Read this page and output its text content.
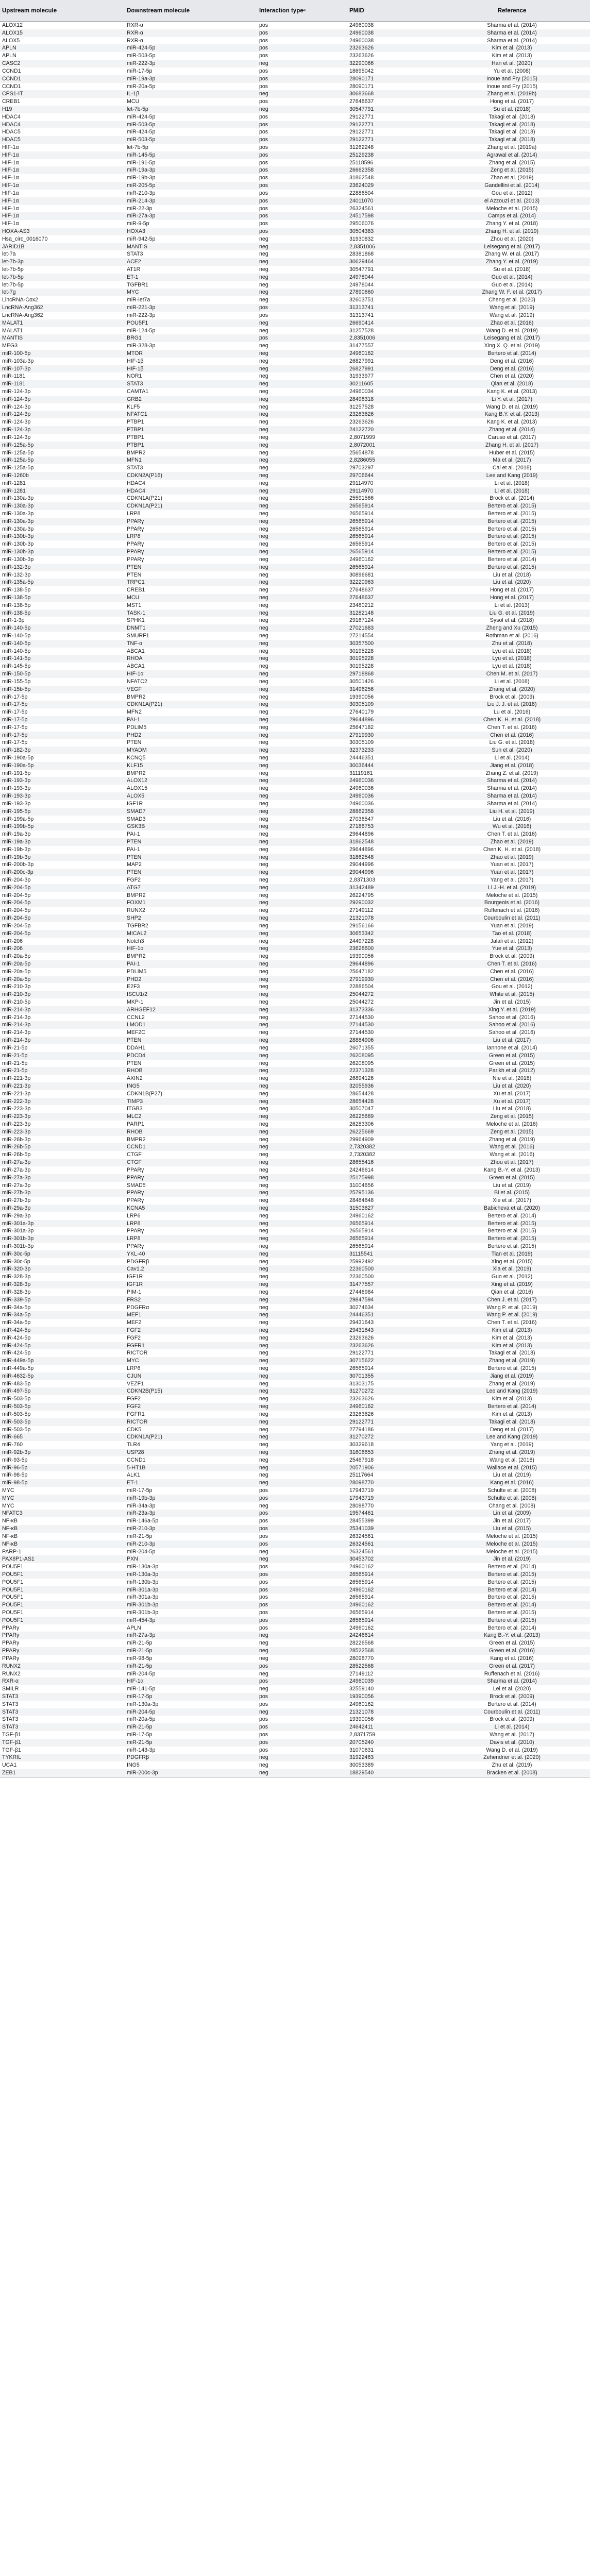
Upstream molecule	Downstream molecule	Interaction typeᵃ	PMID	Reference
ALOX12	RXR-α	pos	24960038	Sharma et al. (2014)
ALOX15	RXR-α	pos	24960038	Sharma et al. (2014)
ALOX5	RXR-α	pos	24960038	Sharma et al. (2014)
APLN	miR-424-5p	pos	23263626	Kim et al. (2013)
APLN	miR-503-5p	pos	23263626	Kim et al. (2013)
CASC2	miR-222-3p	neg	32290066	Han et al. (2020)
CCND1	miR-17-5p	pos	18695042	Yu et al. (2008)
CCND1	miR-19a-3p	pos	28090171	Inoue and Fry (2015)
CCND1	miR-20a-5p	pos	28090171	Inoue and Fry (2015)
CPS1-IT	IL-1β	neg	30683668	Zhang et al. (2019b)
CREB1	MCU	pos	27648637	Hong et al. (2017)
H19	let-7b-5p	neg	30547791	Su et al. (2018)
HDAC4	miR-424-5p	pos	29122771	Takagi et al. (2018)
HDAC4	miR-503-5p	pos	29122771	Takagi et al. (2018)
HDAC5	miR-424-5p	pos	29122771	Takagi et al. (2018)
HDAC5	miR-503-5p	pos	29122771	Takagi et al. (2018)
HIF-1α	let-7b-5p	pos	31262248	Zhang et al. (2019a)
HIF-1α	miR-145-5p	pos	25129238	Agrawal et al. (2014)
HIF-1α	miR-191-5p	pos	25118596	Zhang et al. (2015)
HIF-1α	miR-19a-3p	pos	26662358	Zeng et al. (2015)
HIF-1α	miR-19b-3p	pos	31862548	Zhao et al. (2019)
HIF-1α	miR-205-5p	pos	23624029	Gandellini et al. (2014)
HIF-1α	miR-210-3p	pos	22886504	Gou et al. (2012)
HIF-1α	miR-214-3p	pos	24011070	el Azzouzi et al. (2013)
HIF-1α	miR-22-3p	pos	26324561	Meloche et al. (2015)
HIF-1α	miR-27a-3p	pos	24517598	Camps et al. (2014)
HIF-1α	miR-9-5p	pos	29506076	Zhang Y. et al. (2018)
HOXA-AS3	HOXA3	pos	30504383	Zhang H. et al. (2019)
Hsa_circ_0016070	miR-942-5p	neg	31930832	Zhou et al. (2020)
JARID1B	MANTIS	neg	2,8351006	Leisegang et al. (2017)
let-7a	STAT3	neg	28381868	Zhang W. et al. (2017)
let-7b-3p	ACE2	neg	30629464	Zhang Y. et al. (2019)
let-7b-5p	AT1R	neg	30547791	Su et al. (2018)
let-7b-5p	ET-1	neg	24978044	Guo et al. (2014)
let-7b-5p	TGFBR1	neg	24978044	Guo et al. (2014)
let-7g	MYC	neg	27890660	Zhang W. F. et al. (2017)
LincRNA-Cox2	miR-let7a	neg	32603751	Cheng et al. (2020)
LncRNA-Ang362	miR-221-3p	pos	31313741	Wang et al. (2019)
LncRNA-Ang362	miR-222-3p	pos	31313741	Wang et al. (2019)
MALAT1	POU5F1	neg	26690414	Zhao et al. (2016)
MALAT1	miR-124-5p	neg	31257528	Wang D. et al. (2019)
MANTIS	BRG1	pos	2,8351006	Leisegang et al. (2017)
MEG3	miR-328-3p	neg	31477557	Xing X. Q. et al. (2019)
miR-100-5p	MTOR	neg	24960162	Bertero et al. (2014)
miR-103a-3p	HIF-1β	neg	26827991	Deng et al. (2016)
miR-107-3p	HIF-1β	neg	26827991	Deng et al. (2016)
miR-1181	NOR1	neg	31933977	Chen et al. (2020)
miR-1181	STAT3	neg	30211605	Qian et al. (2018)
miR-124-3p	CAMTA1	neg	24960034	Kang K. et al. (2013)
miR-124-3p	GRB2	neg	28496318	Li Y. et al. (2017)
miR-124-3p	KLF5	neg	31257528	Wang D. et al. (2019)
miR-124-3p	NFATC1	neg	23263626	Kang B.Y. et al. (2013)
miR-124-3p	PTBP1	neg	23263626	Kang K. et al. (2013)
miR-124-3p	PTBP1	neg	24122720	Zhang et al. (2014)
miR-124-3p	PTBP1	neg	2,8071999	Caruso et al. (2017)
miR-125a-5p	PTBP1	neg	2,8072001	Zhang H. et al. (2017)
miR-125a-5p	BMPR2	neg	25654878	Huber et al. (2015)
miR-125a-5p	MFN1	neg	2,8286055	Ma et al. (2017)
miR-125a-5p	STAT3	neg	29703297	Cai et al. (2018)
miR-1260b	CDKN2A(P16)	neg	29706644	Lee and Kang (2019)
miR-1281	HDAC4	neg	29114970	Li et al. (2018)
miR-1281	HDAC4	neg	29114970	Li et al. (2018)
miR-130a-3p	CDKN1A(P21)	neg	25591566	Brock et al. (2014)
miR-130a-3p	CDKN1A(P21)	neg	26565914	Bertero et al. (2015)
miR-130a-3p	LRP8	neg	26565914	Bertero et al. (2015)
miR-130a-3p	PPARγ	neg	26565914	Bertero et al. (2015)
miR-130a-3p	PPARγ	neg	26565914	Bertero et al. (2015)
miR-130b-3p	LRP8	neg	26565914	Bertero et al. (2015)
miR-130b-3p	PPARγ	neg	26565914	Bertero et al. (2015)
miR-130b-3p	PPARγ	neg	26565914	Bertero et al. (2015)
miR-130b-3p	PPARγ	neg	24960162	Bertero et al. (2014)
miR-132-3p	PTEN	neg	26565914	Bertero et al. (2015)
miR-132-3p	PTEN	neg	30896681	Liu et al. (2018)
miR-135a-5p	TRPC1	neg	32220963	Liu et al. (2020)
miR-138-5p	CREB1	neg	27648637	Hong et al. (2017)
miR-138-5p	MCU	neg	27648637	Hong et al. (2017)
miR-138-5p	MST1	neg	23480212	Li et al. (2013)
miR-138-5p	TASK-1	neg	31282148	Liu G. et al. (2019)
miR-1-3p	SPHK1	neg	29167124	Sysol et al. (2018)
miR-140-5p	DNMT1	neg	27021683	Zheng and Xu (2015)
miR-140-5p	SMURF1	neg	27214554	Rothman et al. (2016)
miR-140-5p	TNF-α	neg	30357500	Zhu et al. (2018)
miR-140-5p	ABCA1	neg	30195228	Lyu et al. (2018)
miR-141-5p	RHOA	neg	30195228	Lyu et al. (2018)
miR-145-5p	ABCA1	neg	30195228	Lyu et al. (2018)
miR-150-5p	HIF-1α	neg	29718868	Chen M. et al. (2017)
miR-155-5p	NFATC2	neg	30501426	Li et al. (2018)
miR-15b-5p	VEGF	neg	31496256	Zhang et al. (2020)
miR-17-5p	BMPR2	neg	19390056	Brock et al. (2009)
miR-17-5p	CDKN1A(P21)	neg	30305109	Liu J. J. et al. (2018)
miR-17-5p	MFN2	neg	27640179	Lu et al. (2016)
miR-17-5p	PAI-1	neg	29644896	Chen K. H. et al. (2018)
miR-17-5p	PDLIM5	neg	25647182	Chen T. et al. (2016)
miR-17-5p	PHD2	neg	27919930	Chen et al. (2016)
miR-17-5p	PTEN	neg	30305109	Liu G. et al. (2018)
miR-182-3p	MYADM	neg	32373233	Sun et al. (2020)
miR-190a-5p	KCNQ5	neg	24446351	Li et al. (2014)
miR-190a-5p	KLF15	neg	30036444	Jiang et al. (2018)
miR-191-5p	BMPR2	neg	31119161	Zhang Z. et al. (2019)
miR-193-3p	ALOX12	neg	24960036	Sharma et al. (2014)
miR-193-3p	ALOX15	neg	24960036	Sharma et al. (2014)
miR-193-3p	ALOX5	neg	24960036	Sharma et al. (2014)
miR-193-3p	IGF1R	neg	24960036	Sharma et al. (2014)
miR-195-5p	SMAD7	neg	28862358	Liu H. et al. (2019)
miR-199a-5p	SMAD3	neg	27036547	Liu et al. (2016)
miR-199b-5p	GSK3B	neg	27186753	Wu et al. (2016)
miR-19a-3p	PAI-1	neg	29644896	Chen T. et al. (2016)
miR-19a-3p	PTEN	neg	31862548	Zhao et al. (2019)
miR-19b-3p	PAI-1	neg	29644896	Chen K. H. et al. (2018)
miR-19b-3p	PTEN	neg	31862548	Zhao et al. (2019)
miR-200b-3p	MAP2	neg	29044996	Yuan et al. (2017)
miR-200c-3p	PTEN	neg	29044996	Yuan et al. (2017)
miR-204-3p	FGF2	neg	2,8371303	Yang et al. (2017)
miR-204-5p	ATG7	neg	31342489	Li J.-H. et al. (2019)
miR-204-5p	BMPR2	neg	26224795	Meloche et al. (2015)
miR-204-5p	FOXM1	neg	29290032	Bourgeois et al. (2016)
miR-204-5p	RUNX2	neg	27149112	Ruffenach et al. (2016)
miR-204-5p	SHP2	neg	21321078	Courboulin et al. (2011)
miR-204-5p	TGFBR2	neg	29156166	Yuan et al. (2019)
miR-204-5p	MICAL2	neg	30653342	Tao et al. (2018)
miR-206	Notch3	neg	24497228	Jalali et al. (2012)
miR-206	HIF-1α	neg	23628600	Yue et al. (2013)
miR-20a-5p	BMPR2	neg	19390056	Brock et al. (2009)
miR-20a-5p	PAI-1	neg	29644896	Chen T. et al. (2016)
miR-20a-5p	PDLIM5	neg	25647182	Chen et al. (2016)
miR-20a-5p	PHD2	neg	27919930	Chen et al. (2016)
miR-210-3p	E2F3	neg	22886504	Gou et al. (2012)
miR-210-3p	ISCU1/2	neg	25044272	White et al. (2015)
miR-210-5p	MKP-1	neg	25044272	Jin et al. (2015)
miR-214-3p	ARHGEF12	neg	31373336	Xing Y. et al. (2019)
miR-214-3p	CCNL2	neg	27144530	Sahoo et al. (2016)
miR-214-3p	LMOD1	neg	27144530	Sahoo et al. (2016)
miR-214-3p	MEF2C	neg	27144530	Sahoo et al. (2016)
miR-214-3p	PTEN	neg	28884906	Liu et al. (2017)
miR-21-5p	DDAH1	neg	26071355	Iannone et al. (2014)
miR-21-5p	PDCD4	neg	26208095	Green et al. (2015)
miR-21-5p	PTEN	neg	26208095	Green et al. (2015)
miR-21-5p	RHOB	neg	22371328	Parikh et al. (2012)
miR-221-3p	AXIN2	neg	26894126	Nie et al. (2018)
miR-221-3p	ING5	neg	32055936	Liu et al. (2020)
miR-221-3p	CDKN1B(P27)	neg	28654428	Xu et al. (2017)
miR-222-3p	TIMP3	neg	28654428	Xu et al. (2017)
miR-223-3p	ITGB3	neg	30507047	Liu et al. (2018)
miR-223-3p	MLC2	neg	26225669	Zeng et al. (2015)
miR-223-3p	PARP1	neg	26283306	Meloche et al. (2016)
miR-223-3p	RHOB	neg	26225669	Zeng et al. (2015)
miR-26b-3p	BMPR2	neg	29964909	Zhang et al. (2019)
miR-26b-5p	CCND1	neg	2,7320382	Wang et al. (2016)
miR-26b-5p	CTGF	neg	2,7320382	Wang et al. (2016)
miR-27a-3p	CTGF	neg	28655416	Zhou et al. (2017)
miR-27a-3p	PPARγ	neg	24246614	Kang B.-Y. et al. (2013)
miR-27a-3p	PPARγ	neg	25175998	Green et al. (2015)
miR-27a-3p	SMAD5	neg	31004656	Liu et al. (2019)
miR-27b-3p	PPARγ	neg	25795136	Bi et al. (2015)
miR-27b-3p	PPARγ	neg	28484848	Xie et al. (2017)
miR-29a-3p	KCNA5	neg	31503627	Babicheva et al. (2020)
miR-29a-3p	LRP6	neg	24960162	Bertero et al. (2014)
miR-301a-3p	LRP8	neg	26565914	Bertero et al. (2015)
miR-301a-3p	PPARγ	neg	26565914	Bertero et al. (2015)
miR-301b-3p	LRP8	neg	26565914	Bertero et al. (2015)
miR-301b-3p	PPARγ	neg	26565914	Bertero et al. (2015)
miR-30c-5p	YKL-40	neg	31115541	Tian et al. (2019)
miR-30c-5p	PDGFRβ	neg	25992492	Xing et al. (2015)
miR-320-3p	Cav1.2	neg	22360500	Xia et al. (2019)
miR-328-3p	IGF1R	neg	22360500	Guo et al. (2012)
miR-328-3p	IGF1R	neg	31477557	Xing et al. (2019)
miR-328-3p	PIM-1	neg	27446984	Qian et al. (2016)
miR-339-5p	FRS2	neg	29847594	Chen J. et al. (2017)
miR-34a-5p	PDGFRα	neg	30274634	Wang P. et al. (2019)
miR-34a-5p	MEF1	neg	24446351	Wang P. et al. (2019)
miR-34a-5p	MEF2	neg	29431643	Chen T. et al. (2016)
miR-424-5p	FGF2	neg	29431643	Kim et al. (2013)
miR-424-5p	FGF2	neg	23263626	Kim et al. (2013)
miR-424-5p	FGFR1	neg	23263626	Kim et al. (2013)
miR-424-5p	RICTOR	neg	29122771	Takagi et al. (2018)
miR-449a-5p	MYC	neg	30715622	Zhang et al. (2019)
miR-449a-5p	LRP6	neg	26565914	Bertero et al. (2015)
miR-4632-5p	CJUN	neg	30701355	Jiang et al. (2019)
miR-483-5p	VEZF1	neg	31303175	Zhang et al. (2019)
miR-497-5p	CDKN2B(P15)	neg	31270272	Lee and Kang (2019)
miR-503-5p	FGF2	neg	23263626	Kim et al. (2013)
miR-503-5p	FGF2	neg	24960162	Bertero et al. (2014)
miR-503-5p	FGFR1	neg	23263626	Kim et al. (2013)
miR-503-5p	RICTOR	neg	29122771	Takagi et al. (2018)
miR-503-5p	CDK5	neg	27794186	Deng et al. (2017)
miR-665	CDKN1A(P21)	neg	31270272	Lee and Kang (2019)
miR-760	TLR4	neg	30329618	Yang et al. (2019)
miR-92b-3p	USP28	neg	31606653	Zhang et al. (2019)
miR-93-5p	CCND1	neg	25467918	Wang et al. (2018)
miR-96-5p	5-HT1B	neg	20571906	Wallace et al. (2015)
miR-98-5p	ALK1	neg	25117664	Liu et al. (2019)
miR-98-5p	ET-1	neg	28098770	Kang et al. (2016)
MYC	miR-17-5p	pos	17943719	Schulte et al. (2008)
MYC	miR-19b-3p	pos	17943719	Schulte et al. (2008)
MYC	miR-34a-3p	neg	28098770	Chang et al. (2008)
NFATC3	miR-23a-3p	pos	19574461	Lin et al. (2009)
NF-κB	miR-146a-5p	pos	28455399	Jin et al. (2017)
NF-κB	miR-210-3p	pos	25341039	Liu et al. (2015)
NF-κB	miR-21-5p	pos	26324561	Meloche et al. (2015)
NF-κB	miR-210-3p	pos	26324561	Meloche et al. (2015)
PARP-1	miR-204-5p	neg	26324561	Meloche et al. (2015)
PAX8P1-AS1	PXN	neg	30453702	Jin et al. (2019)
POU5F1	miR-130a-3p	pos	24960162	Bertero et al. (2014)
POU5F1	miR-130a-3p	pos	26565914	Bertero et al. (2015)
POU5F1	miR-130b-3p	pos	26565914	Bertero et al. (2015)
POU5F1	miR-301a-3p	pos	24960162	Bertero et al. (2014)
POU5F1	miR-301a-3p	pos	26565914	Bertero et al. (2015)
POU5F1	miR-301b-3p	pos	24960162	Bertero et al. (2014)
POU5F1	miR-301b-3p	pos	26565914	Bertero et al. (2015)
POU5F1	miR-454-3p	pos	26565914	Bertero et al. (2015)
PPARγ	APLN	pos	24960162	Bertero et al. (2014)
PPARγ	miR-27a-3p	neg	24246614	Kang B.-Y. et al. (2013)
PPARγ	miR-21-5p	neg	28226568	Green et al. (2015)
PPARγ	miR-21-5p	neg	28522568	Green et al. (2016)
PPARγ	miR-98-5p	neg	28098770	Kang et al. (2016)
RUNX2	miR-21-5p	pos	28522568	Green et al. (2017)
RUNX2	miR-204-5p	neg	27149112	Ruffenach et al. (2016)
RXR-α	HIF-1α	pos	24960039	Sharma et al. (2014)
SMILR	miR-141-5p	neg	32559140	Lei et al. (2020)
STAT3	miR-17-5p	pos	19390056	Brock et al. (2009)
STAT3	miR-130a-3p	pos	24960162	Bertero et al. (2014)
STAT3	miR-204-5p	neg	21321078	Courboulin et al. (2011)
STAT3	miR-20a-5p	pos	19390056	Brock et al. (2009)
STAT3	miR-21-5p	pos	24642411	Li et al. (2014)
TGF-β1	miR-17-5p	pos	2,8371759	Wang et al. (2017)
TGF-β1	miR-21-5p	pos	20705240	Davis et al. (2010)
TGF-β1	miR-143-3p	pos	31070631	Wang D. et al. (2019)
TYKRIL	PDGFRβ	neg	31922463	Zehendner et al. (2020)
UCA1	ING5	neg	30053389	Zhu et al. (2019)
ZEB1	miR-200c-3p	neg	18829540	Bracken et al. (2008)
